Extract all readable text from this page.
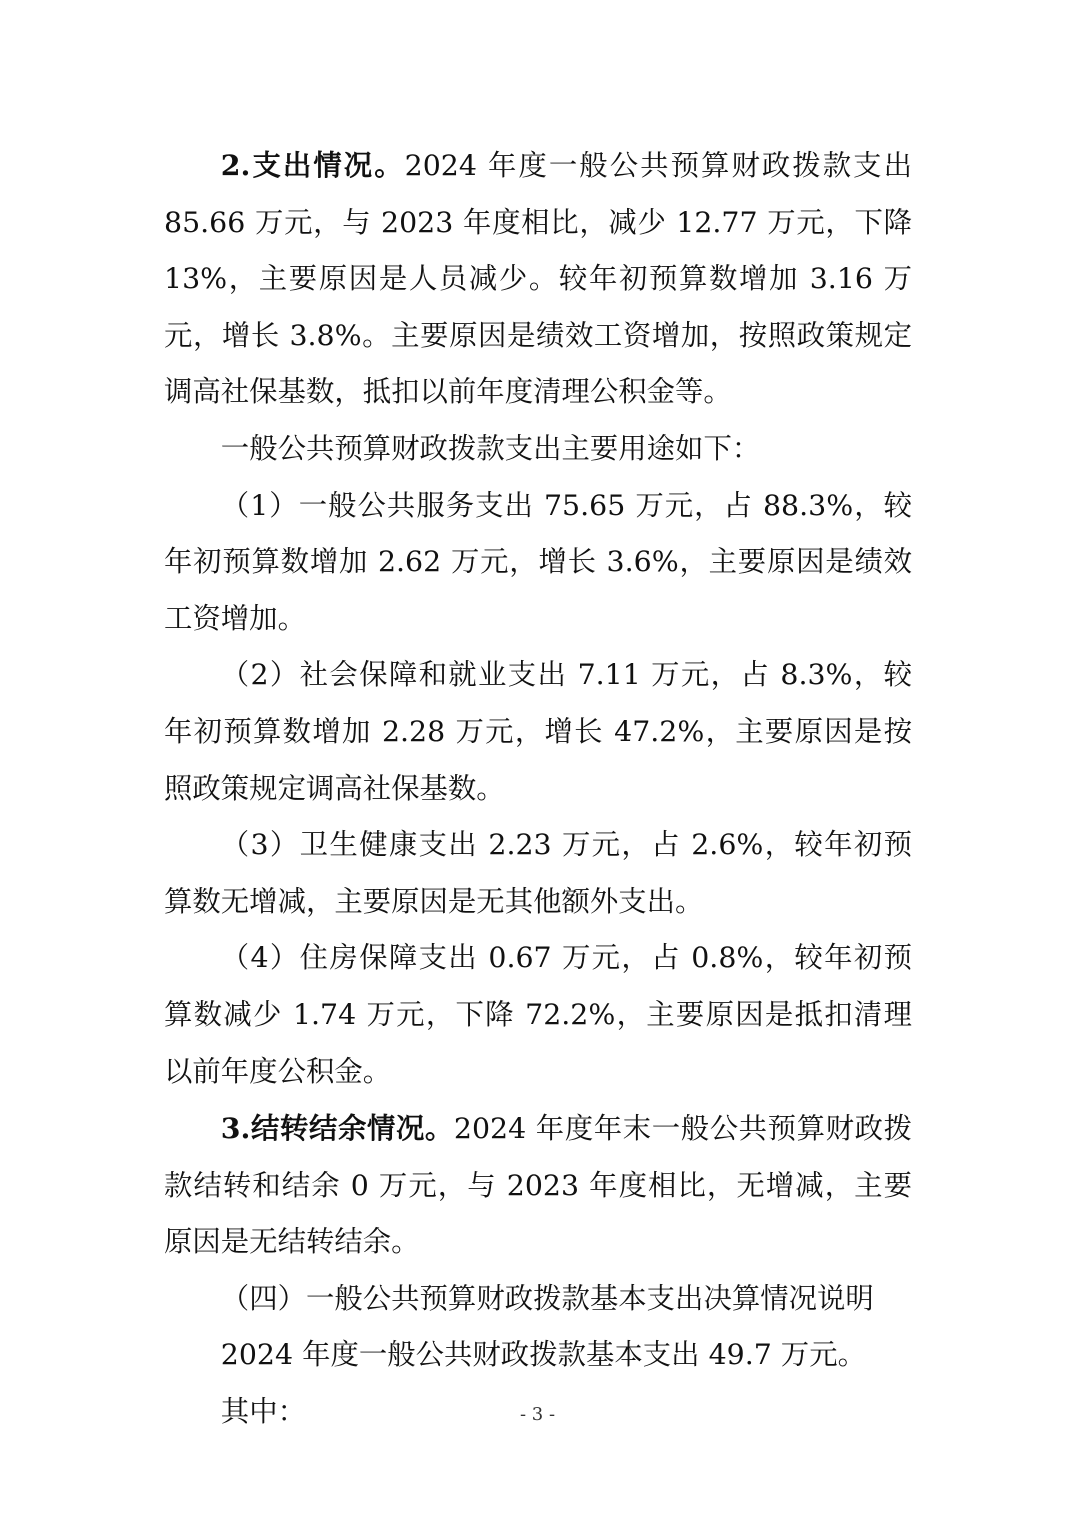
2.支出情况。2024 年度一般公共预算财政拨款支出 85.66 万元，与 2023 年度相比，减少 12.77 万元，下降 13%，主要原因是人员减少。较年初预算数增加 3.16 万元，增长 3.8%。主要原因是绩效工资增加，按照政策规定调高社保基数，抵扣以前年度清理公积金等。

一般公共预算财政拨款支出主要用途如下：

（1）一般公共服务支出 75.65 万元，占 88.3%，较年初预算数增加 2.62 万元，增长 3.6%，主要原因是绩效工资增加。

（2）社会保障和就业支出 7.11 万元，占 8.3%，较年初预算数增加 2.28 万元，增长 47.2%，主要原因是按照政策规定调高社保基数。

（3）卫生健康支出 2.23 万元，占 2.6%，较年初预算数无增减，主要原因是无其他额外支出。

（4）住房保障支出 0.67 万元，占 0.8%，较年初预算数减少 1.74 万元，下降 72.2%，主要原因是抵扣清理以前年度公积金。

3.结转结余情况。2024 年度年末一般公共预算财政拨款结转和结余 0 万元，与 2023 年度相比，无增减，主要原因是无结转结余。

（四）一般公共预算财政拨款基本支出决算情况说明

2024 年度一般公共财政拨款基本支出 49.7 万元。

其中：	- 3 -
